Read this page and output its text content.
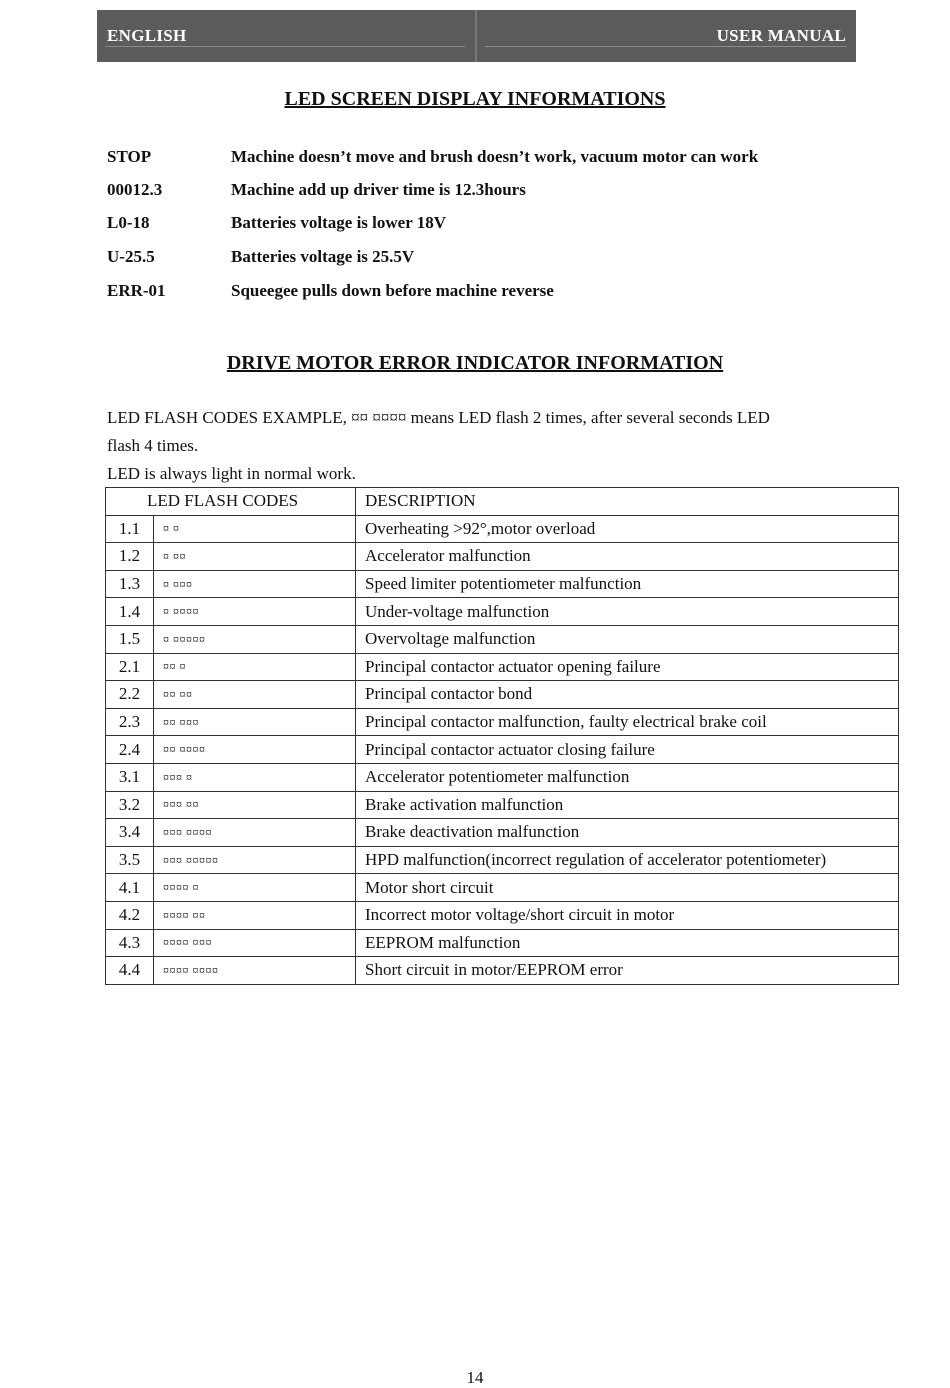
ENGLISH	USER MANUAL
LED SCREEN DISPLAY INFORMATIONS
STOP	Machine doesn’t move and brush doesn’t work, vacuum motor can work
00012.3	Machine add up driver time is 12.3hours
L0-18	Batteries voltage is lower 18V
U-25.5	Batteries voltage is 25.5V
ERR-01	Squeegee pulls down before machine reverse
DRIVE MOTOR ERROR INDICATOR INFORMATION
LED FLASH CODES EXAMPLE, ¤¤ ¤¤¤¤ means LED flash 2 times, after several seconds LED
flash 4 times.
LED is always light in normal work.
LED FLASH CODES		DESCRIPTION
1.1	¤ ¤	Overheating >92°,motor overload
1.2	¤ ¤¤	Accelerator malfunction
1.3	¤ ¤¤¤	Speed limiter potentiometer malfunction
1.4	¤ ¤¤¤¤	Under-voltage malfunction
1.5	¤ ¤¤¤¤¤	Overvoltage malfunction
2.1	¤¤ ¤	Principal contactor actuator opening failure
2.2	¤¤ ¤¤	Principal contactor bond
2.3	¤¤ ¤¤¤	Principal contactor malfunction, faulty electrical brake coil
2.4	¤¤ ¤¤¤¤	Principal contactor actuator closing failure
3.1	¤¤¤ ¤	Accelerator potentiometer malfunction
3.2	¤¤¤ ¤¤	Brake activation malfunction
3.4	¤¤¤ ¤¤¤¤	Brake deactivation malfunction
3.5	¤¤¤ ¤¤¤¤¤	HPD malfunction(incorrect regulation of accelerator potentiometer)
4.1	¤¤¤¤ ¤	Motor short circuit
4.2	¤¤¤¤ ¤¤	Incorrect motor voltage/short circuit in motor
4.3	¤¤¤¤ ¤¤¤	EEPROM malfunction
4.4	¤¤¤¤ ¤¤¤¤	Short circuit in motor/EEPROM error
14
